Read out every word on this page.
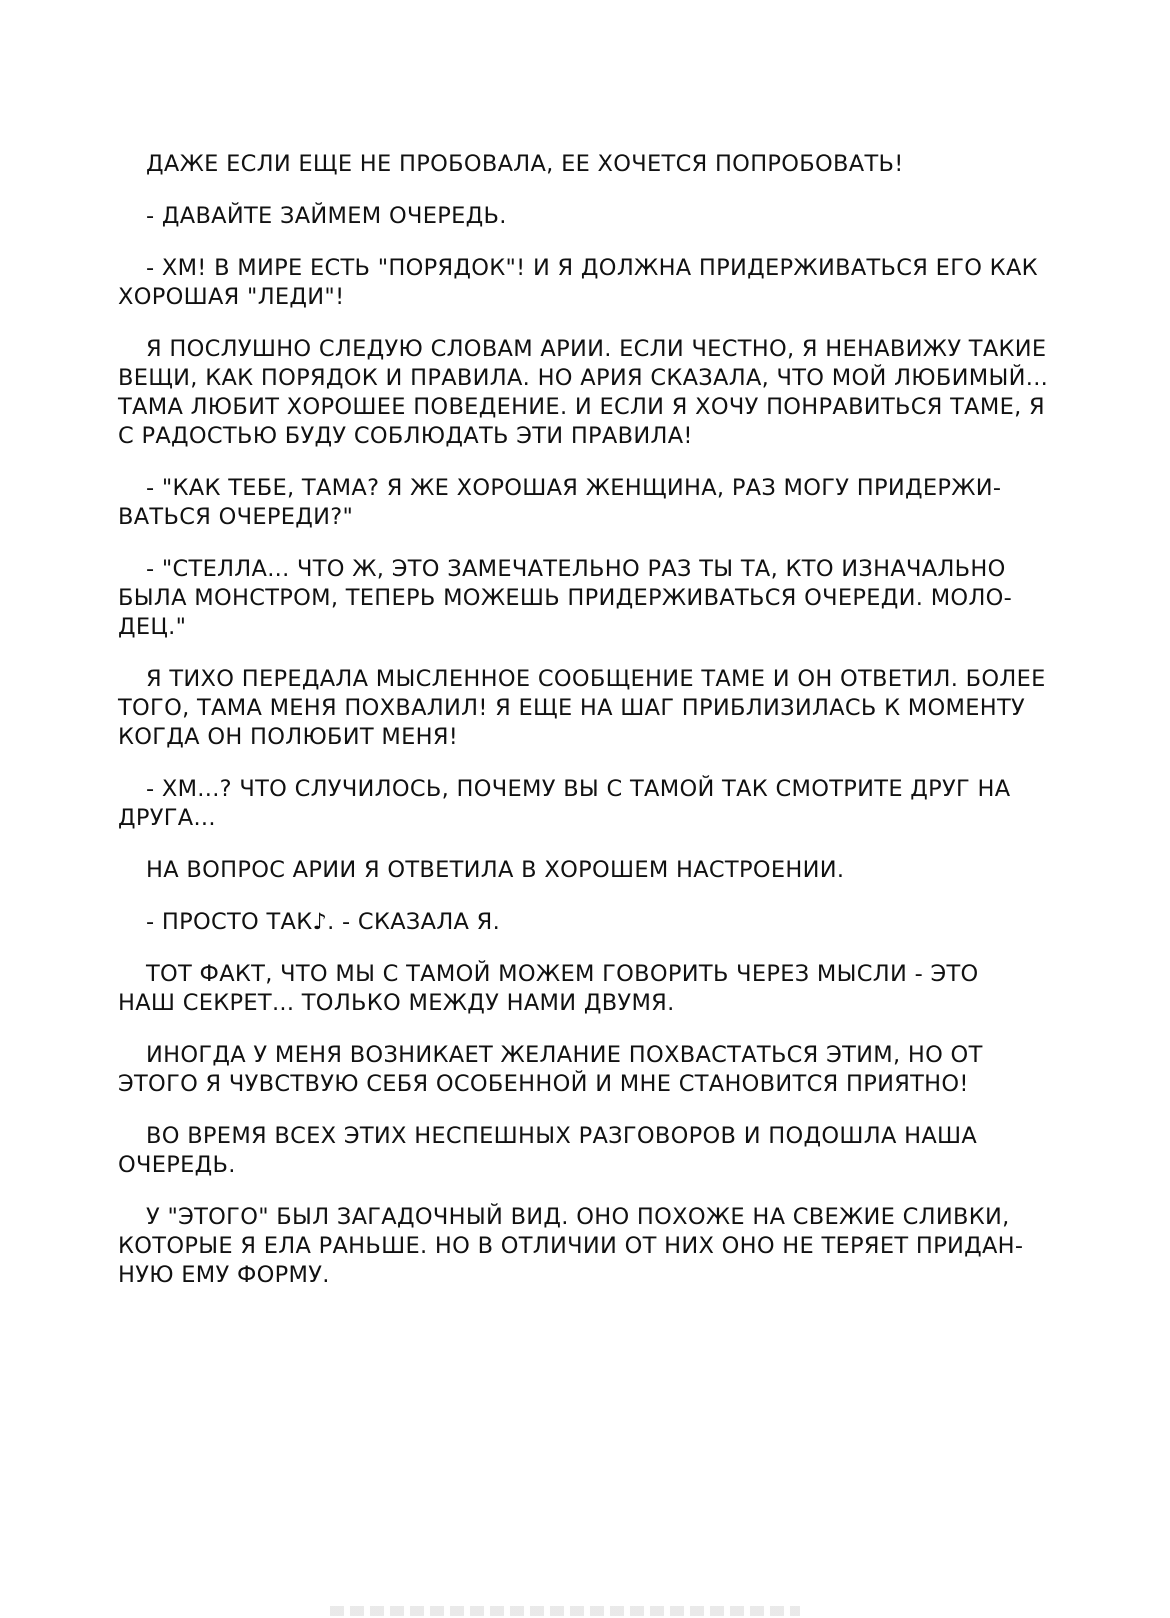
ДАЖЕ ЕСЛИ ЕЩЕ НЕ ПРОБОВАЛА, ЕЕ ХОЧЕТСЯ ПОПРОБОВАТЬ!

- ДАВАЙТЕ ЗАЙМЕМ ОЧЕРЕДЬ.

- ХМ! В МИРЕ ЕСТЬ "ПОРЯДОК"! И Я ДОЛЖНА ПРИДЕРЖИВАТЬСЯ ЕГО КАК
ХОРОШАЯ "ЛЕДИ"!

Я ПОСЛУШНО СЛЕДУЮ СЛОВАМ АРИИ. ЕСЛИ ЧЕСТНО, Я НЕНАВИЖУ ТАКИЕ
ВЕЩИ, КАК ПОРЯДОК И ПРАВИЛА. НО АРИЯ СКАЗАЛА, ЧТО МОЙ ЛЮБИМЫЙ...
ТАМА ЛЮБИТ ХОРОШЕЕ ПОВЕДЕНИЕ. И ЕСЛИ Я ХОЧУ ПОНРАВИТЬСЯ ТАМЕ, Я
С РАДОСТЬЮ БУДУ СОБЛЮДАТЬ ЭТИ ПРАВИЛА!

- "КАК ТЕБЕ, ТАМА? Я ЖЕ ХОРОШАЯ ЖЕНЩИНА, РАЗ МОГУ ПРИДЕРЖИ-
ВАТЬСЯ ОЧЕРЕДИ?"

- "СТЕЛЛА... ЧТО Ж, ЭТО ЗАМЕЧАТЕЛЬНО РАЗ ТЫ ТА, КТО ИЗНАЧАЛЬНО
БЫЛА МОНСТРОМ, ТЕПЕРЬ МОЖЕШЬ ПРИДЕРЖИВАТЬСЯ ОЧЕРЕДИ. МОЛО-
ДЕЦ."

Я ТИХО ПЕРЕДАЛА МЫСЛЕННОЕ СООБЩЕНИЕ ТАМЕ И ОН ОТВЕТИЛ. БОЛЕЕ
ТОГО, ТАМА МЕНЯ ПОХВАЛИЛ! Я ЕЩЕ НА ШАГ ПРИБЛИЗИЛАСЬ К МОМЕНТУ
КОГДА ОН ПОЛЮБИТ МЕНЯ!

- ХМ...? ЧТО СЛУЧИЛОСЬ, ПОЧЕМУ ВЫ С ТАМОЙ ТАК СМОТРИТЕ ДРУГ НА
ДРУГА...

НА ВОПРОС АРИИ Я ОТВЕТИЛА В ХОРОШЕМ НАСТРОЕНИИ.

- ПРОСТО ТАК♪. - СКАЗАЛА Я.

ТОТ ФАКТ, ЧТО МЫ С ТАМОЙ МОЖЕМ ГОВОРИТЬ ЧЕРЕЗ МЫСЛИ - ЭТО
НАШ СЕКРЕТ... ТОЛЬКО МЕЖДУ НАМИ ДВУМЯ.

ИНОГДА У МЕНЯ ВОЗНИКАЕТ ЖЕЛАНИЕ ПОХВАСТАТЬСЯ ЭТИМ, НО ОТ
ЭТОГО Я ЧУВСТВУЮ СЕБЯ ОСОБЕННОЙ И МНЕ СТАНОВИТСЯ ПРИЯТНО!

ВО ВРЕМЯ ВСЕХ ЭТИХ НЕСПЕШНЫХ РАЗГОВОРОВ И ПОДОШЛА НАША
ОЧЕРЕДЬ.

У "ЭТОГО" БЫЛ ЗАГАДОЧНЫЙ ВИД. ОНО ПОХОЖЕ НА СВЕЖИЕ СЛИВКИ,
КОТОРЫЕ Я ЕЛА РАНЬШЕ. НО В ОТЛИЧИИ ОТ НИХ ОНО НЕ ТЕРЯЕТ ПРИДАН-
НУЮ ЕМУ ФОРМУ.
